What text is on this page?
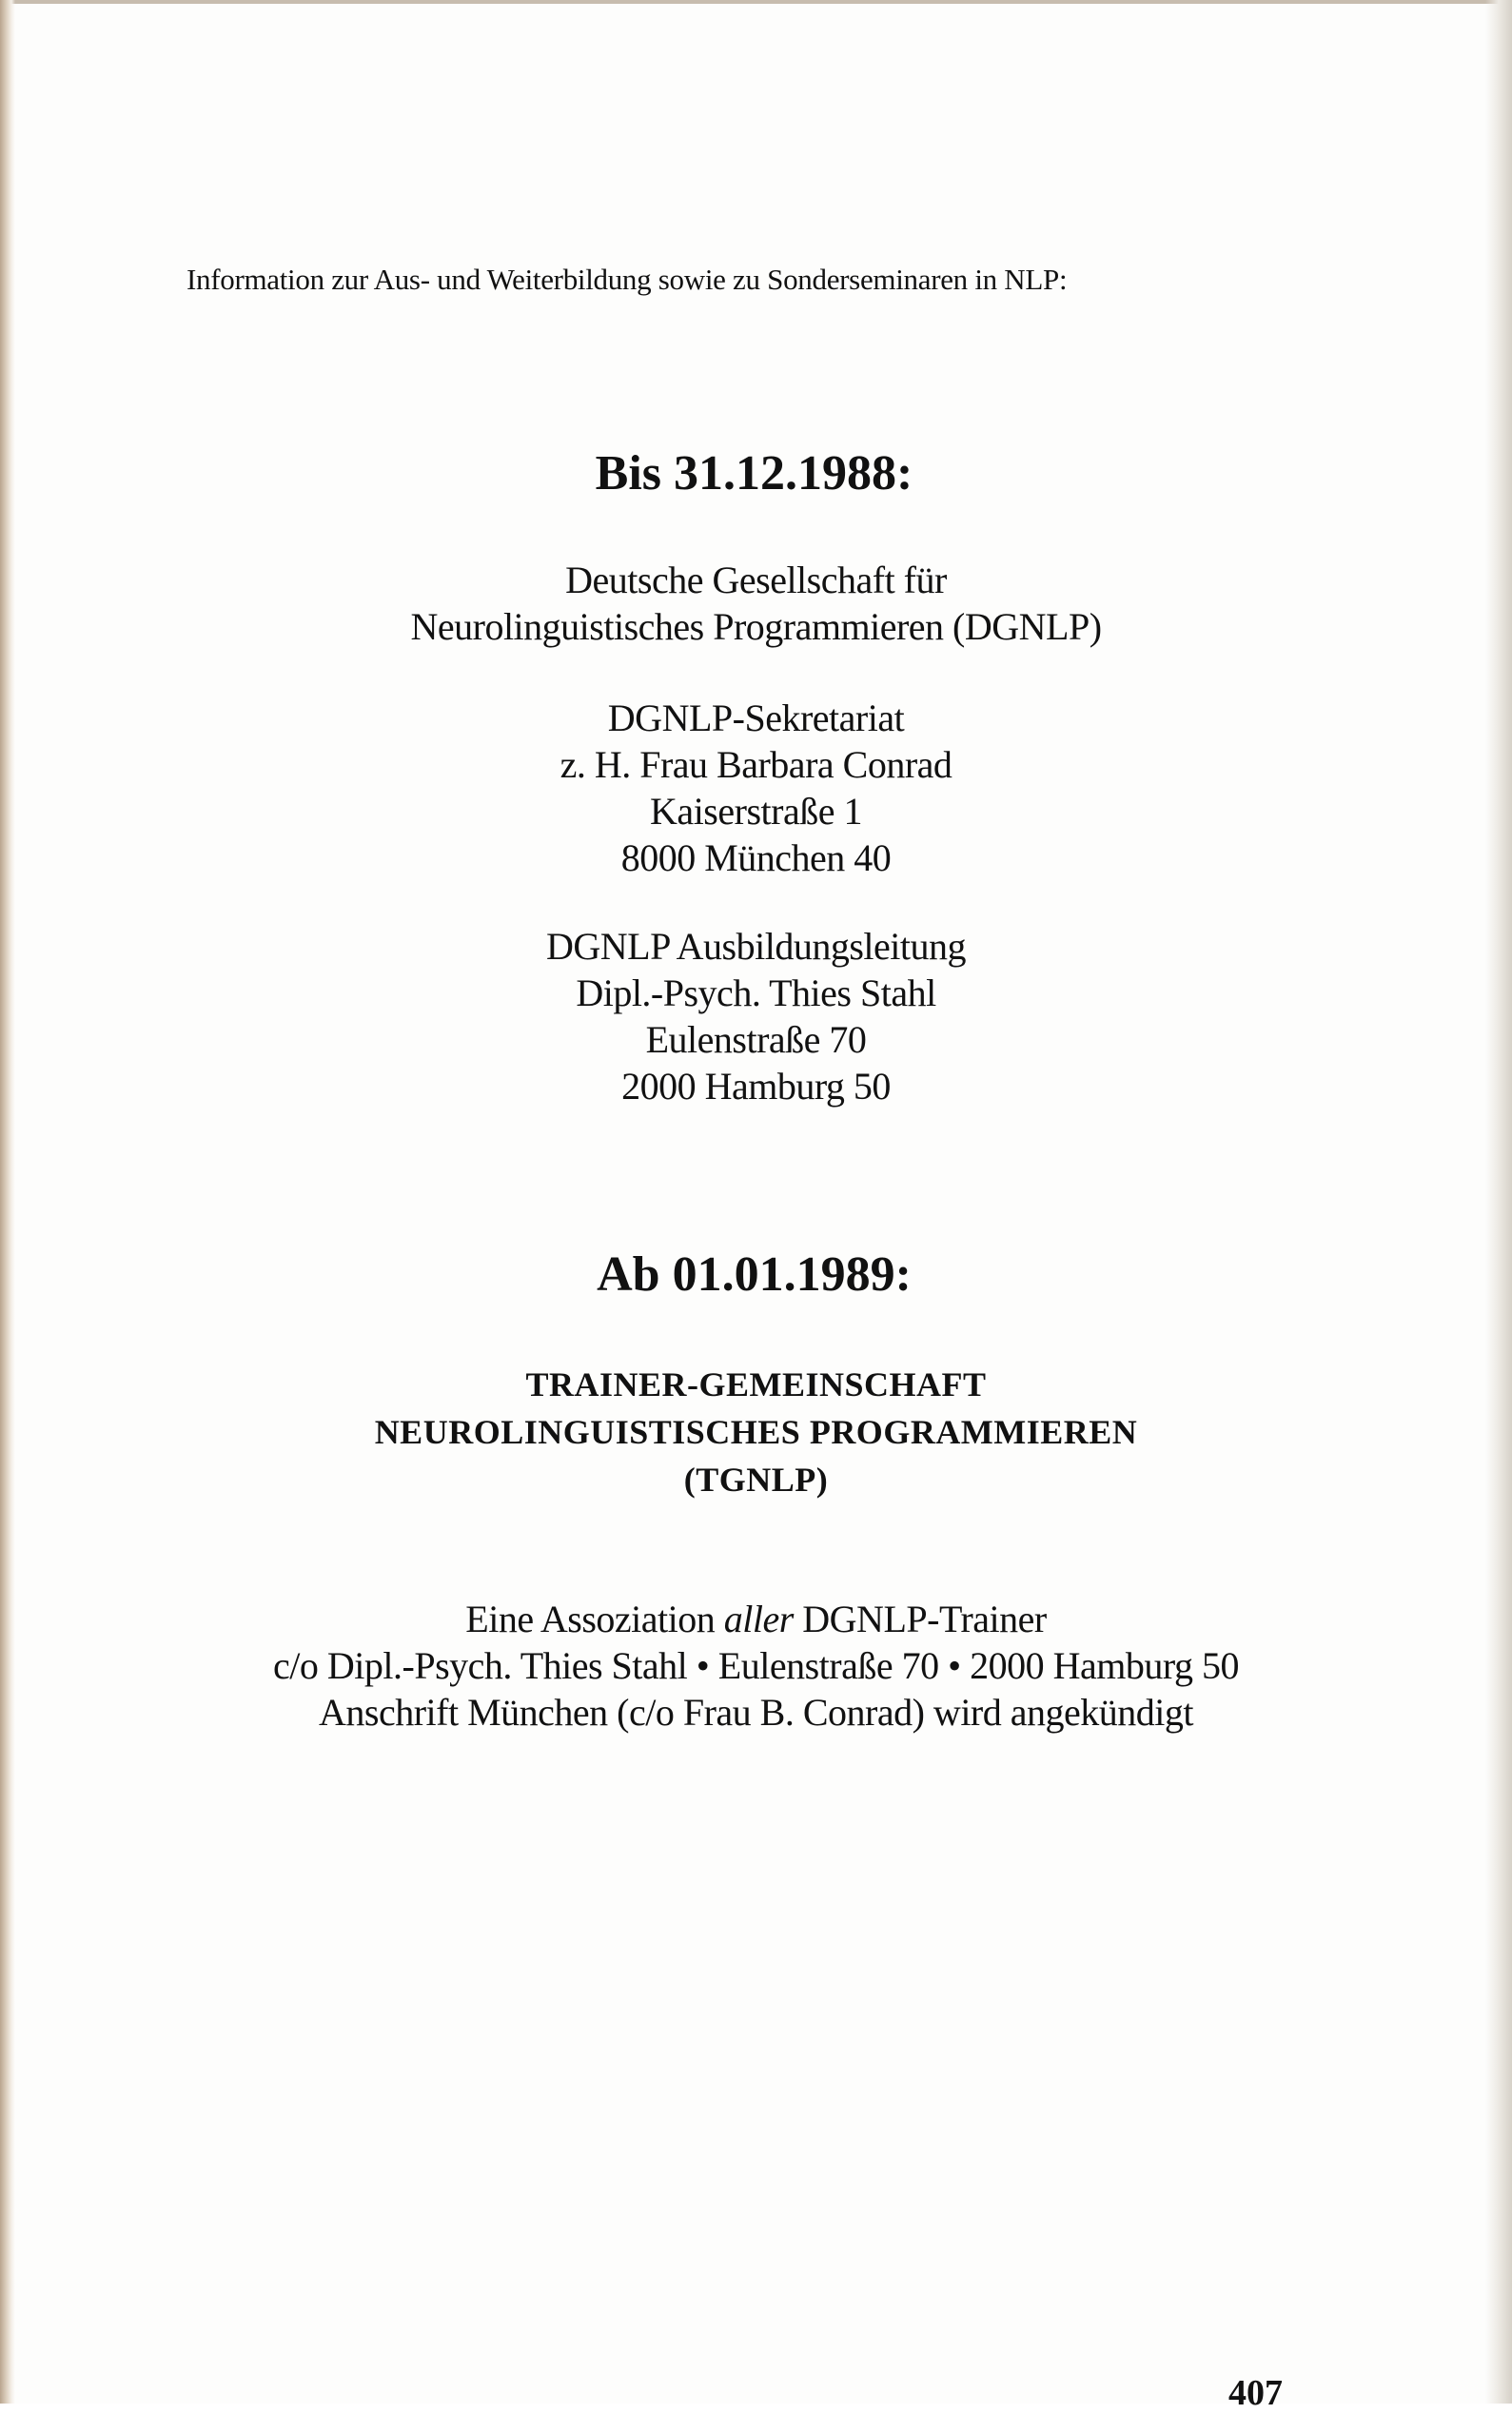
Information zur Aus- und Weiterbildung sowie zu Sonderseminaren in NLP:

Bis 31.12.1988:
Deutsche Gesellschaft für
Neurolinguistisches Programmieren (DGNLP)
DGNLP-Sekretariat
z. H. Frau Barbara Conrad
Kaiserstraße 1
8000 München 40
DGNLP Ausbildungsleitung
Dipl.-Psych. Thies Stahl
Eulenstraße 70
2000 Hamburg 50
Ab 01.01.1989:
TRAINER-GEMEINSCHAFT
NEUROLINGUISTISCHES PROGRAMMIEREN
(TGNLP)
Eine Assoziation aller DGNLP-Trainer
c/o Dipl.-Psych. Thies Stahl • Eulenstraße 70 • 2000 Hamburg 50
Anschrift München (c/o Frau B. Conrad) wird angekündigt
407
